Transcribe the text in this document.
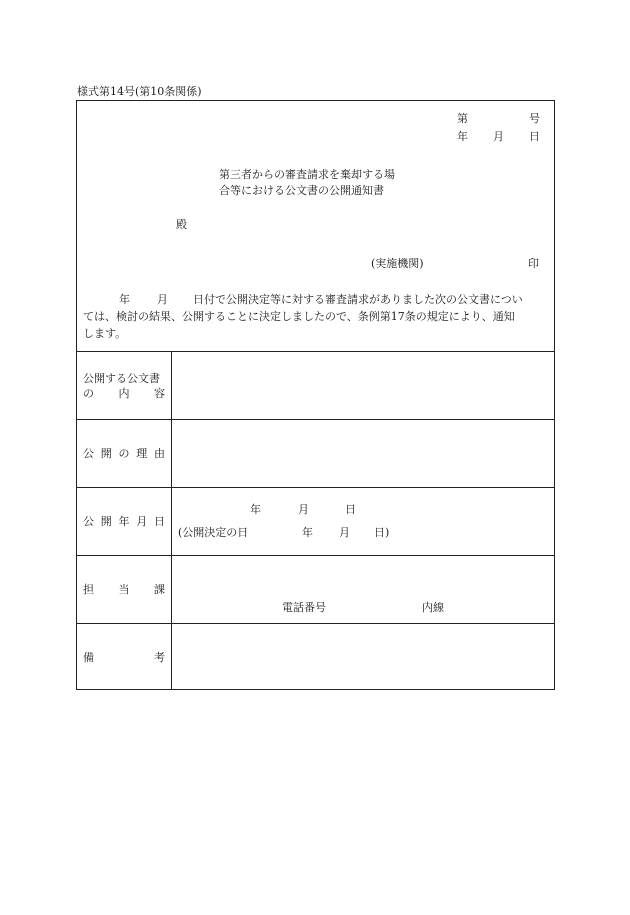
様式第14号(第10条関係)
第	号
年 月 日
第三者からの審査請求を棄却する場
合等における公文書の公開通知書
殿
(実施機関)	印
年 月 日付で公開決定等に対する審査請求がありました次の公文書につい
ては、検討の結果、公開することに決定しましたので、条例第17条の規定により、通知
します。
公開する公文書
の 内 容
公 開 の 理 由
公 開 年 月 日
年	月	日
(公開決定の日	年 月 日)
担 当 課
電話番号	内線
備	考
